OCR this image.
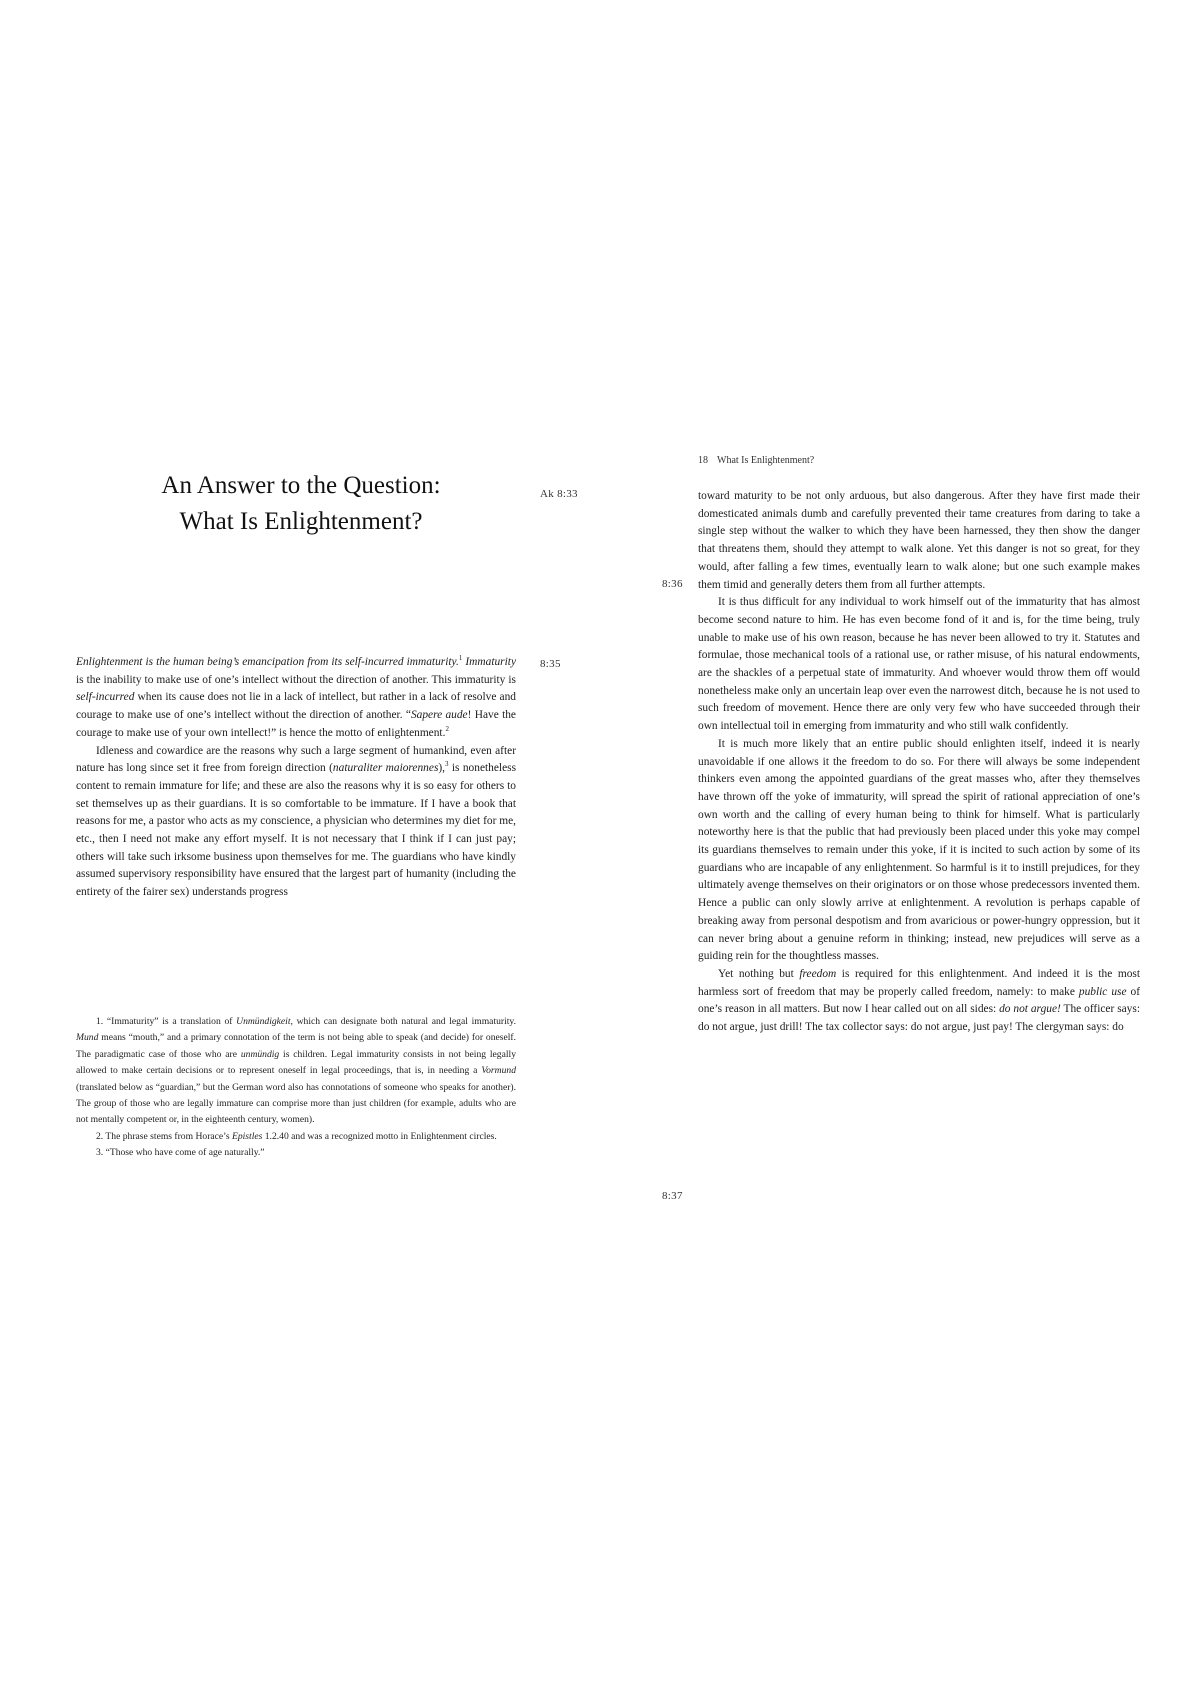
An Answer to the Question:
What Is Enlightenment?
Ak 8:33
8:35

Enlightenment is the human being’s emancipation from its self-incurred immaturity.$^1$ Immaturity is the inability to make use of one’s intellect without the direction of another. This immaturity is self-incurred when its cause does not lie in a lack of intellect, but rather in a lack of resolve and courage to make use of one’s intellect without the direction of another. “Sapere aude! Have the courage to make use of your own intellect!” is hence the motto of enlightenment.$^2$

Idleness and cowardice are the reasons why such a large segment of humankind, even after nature has long since set it free from foreign direction (naturaliter maiorennes),$^3$ is nonetheless content to remain immature for life; and these are also the reasons why it is so easy for others to set themselves up as their guardians. It is so comfortable to be immature. If I have a book that reasons for me, a pastor who acts as my conscience, a physician who determines my diet for me, etc., then I need not make any effort myself. It is not necessary that I think if I can just pay; others will take such irksome business upon themselves for me. The guardians who have kindly assumed supervisory responsibility have ensured that the largest part of humanity (including the entirety of the fairer sex) understands progress

1. “Immaturity” is a translation of Unmündigkeit, which can designate both natural and legal immaturity. Mund means “mouth,” and a primary connotation of the term is not being able to speak (and decide) for oneself. The paradigmatic case of those who are unmündig is children. Legal immaturity consists in not being legally allowed to make certain decisions or to represent oneself in legal proceedings, that is, in needing a Vormund (translated below as “guardian,” but the German word also has connotations of someone who speaks for another). The group of those who are legally immature can comprise more than just children (for example, adults who are not mentally competent or, in the eighteenth century, women).

2. The phrase stems from Horace’s Epistles 1.2.40 and was a recognized motto in Enlightenment circles.

3. “Those who have come of age naturally.”

18 What Is Enlightenment?
8:36
8:37

toward maturity to be not only arduous, but also dangerous. After they have first made their domesticated animals dumb and carefully prevented their tame creatures from daring to take a single step without the walker to which they have been harnessed, they then show the danger that threatens them, should they attempt to walk alone. Yet this danger is not so great, for they would, after falling a few times, eventually learn to walk alone; but one such example makes them timid and generally deters them from all further attempts.

It is thus difficult for any individual to work himself out of the immaturity that has almost become second nature to him. He has even become fond of it and is, for the time being, truly unable to make use of his own reason, because he has never been allowed to try it. Statutes and formulae, those mechanical tools of a rational use, or rather misuse, of his natural endowments, are the shackles of a perpetual state of immaturity. And whoever would throw them off would nonetheless make only an uncertain leap over even the narrowest ditch, because he is not used to such freedom of movement. Hence there are only very few who have succeeded through their own intellectual toil in emerging from immaturity and who still walk confidently.

It is much more likely that an entire public should enlighten itself, indeed it is nearly unavoidable if one allows it the freedom to do so. For there will always be some independent thinkers even among the appointed guardians of the great masses who, after they themselves have thrown off the yoke of immaturity, will spread the spirit of rational appreciation of one’s own worth and the calling of every human being to think for himself. What is particularly noteworthy here is that the public that had previously been placed under this yoke may compel its guardians themselves to remain under this yoke, if it is incited to such action by some of its guardians who are incapable of any enlightenment. So harmful is it to instill prejudices, for they ultimately avenge themselves on their originators or on those whose predecessors invented them. Hence a public can only slowly arrive at enlightenment. A revolution is perhaps capable of breaking away from personal despotism and from avaricious or power-hungry oppression, but it can never bring about a genuine reform in thinking; instead, new prejudices will serve as a guiding rein for the thoughtless masses.

Yet nothing but freedom is required for this enlightenment. And indeed it is the most harmless sort of freedom that may be properly called freedom, namely: to make public use of one’s reason in all matters. But now I hear called out on all sides: do not argue! The officer says: do not argue, just drill! The tax collector says: do not argue, just pay! The clergyman says: do
